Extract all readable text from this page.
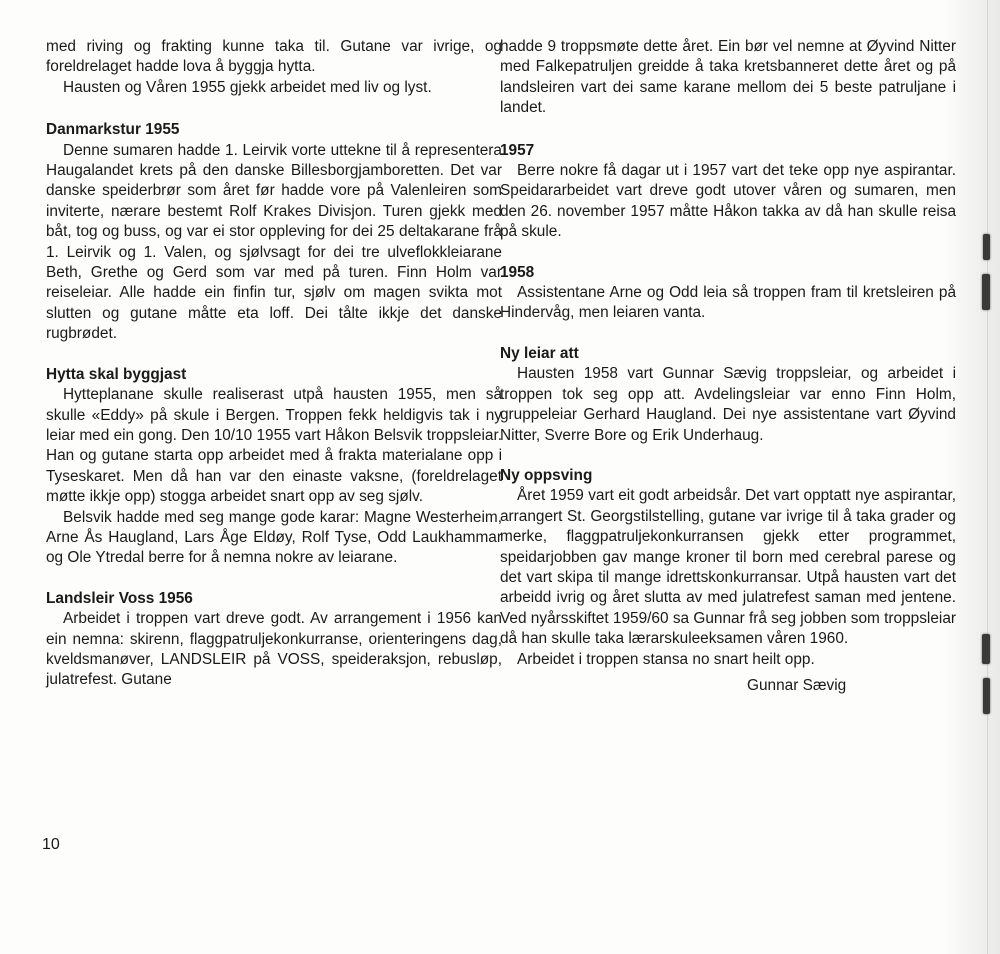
med riving og frakting kunne taka til. Gutane var ivrige, og foreldrelaget hadde lova å byggja hytta.

Hausten og Våren 1955 gjekk arbeidet med liv og lyst.

Danmarkstur 1955

Denne sumaren hadde 1. Leirvik vorte uttekne til å representera Haugalandet krets på den danske Billesborgjamboretten. Det var danske speiderbrør som året før hadde vore på Valenleiren som inviterte, nærare bestemt Rolf Krakes Divisjon. Turen gjekk med båt, tog og buss, og var ei stor oppleving for dei 25 deltakarane frå 1. Leirvik og 1. Valen, og sjølvsagt for dei tre ulveflokkleiarane Beth, Grethe og Gerd som var med på turen. Finn Holm var reiseleiar. Alle hadde ein finfin tur, sjølv om magen svikta mot slutten og gutane måtte eta loff. Dei tålte ikkje det danske rugbrødet.

Hytta skal byggjast

Hytteplanane skulle realiserast utpå hausten 1955, men så skulle «Eddy» på skule i Bergen. Troppen fekk heldigvis tak i ny leiar med ein gong. Den 10/10 1955 vart Håkon Belsvik troppsleiar. Han og gutane starta opp arbeidet med å frakta materialane opp i Tyseskaret. Men då han var den einaste vaksne, (foreldrelaget møtte ikkje opp) stogga arbeidet snart opp av seg sjølv.

Belsvik hadde med seg mange gode karar: Magne Westerheim, Arne Ås Haugland, Lars Åge Eldøy, Rolf Tyse, Odd Laukhammar og Ole Ytredal berre for å nemna nokre av leiarane.

Landsleir Voss 1956

Arbeidet i troppen vart dreve godt. Av arrangement i 1956 kan ein nemna: skirenn, flaggpatruljekonkurranse, orienteringens dag, kveldsmanøver, LANDSLEIR på VOSS, speideraksjon, rebusløp, julatrefest. Gutane

hadde 9 troppsmøte dette året. Ein bør vel nemne at Øyvind Nitter med Falkepatruljen greidde å taka kretsbanneret dette året og på landsleiren vart dei same karane mellom dei 5 beste patruljane i landet.

1957

Berre nokre få dagar ut i 1957 vart det teke opp nye aspirantar. Speidararbeidet vart dreve godt utover våren og sumaren, men den 26. november 1957 måtte Håkon takka av då han skulle reisa på skule.

1958

Assistentane Arne og Odd leia så troppen fram til kretsleiren på Hindervåg, men leiaren vanta.

Ny leiar att

Hausten 1958 vart Gunnar Sævig troppsleiar, og arbeidet i troppen tok seg opp att. Avdelingsleiar var enno Finn Holm, gruppeleiar Gerhard Haugland. Dei nye assistentane vart Øyvind Nitter, Sverre Bore og Erik Underhaug.

Ny oppsving

Året 1959 vart eit godt arbeidsår. Det vart opptatt nye aspirantar, arrangert St. Georgstilstelling, gutane var ivrige til å taka grader og merke, flaggpatruljekonkurransen gjekk etter programmet, speidarjobben gav mange kroner til born med cerebral parese og det vart skipa til mange idrettskonkurransar. Utpå hausten vart det arbeidd ivrig og året slutta av med julatrefest saman med jentene. Ved nyårsskiftet 1959/60 sa Gunnar frå seg jobben som troppsleiar då han skulle taka lærarskuleeksamen våren 1960.

Arbeidet i troppen stansa no snart heilt opp.

Gunnar Sævig

10
